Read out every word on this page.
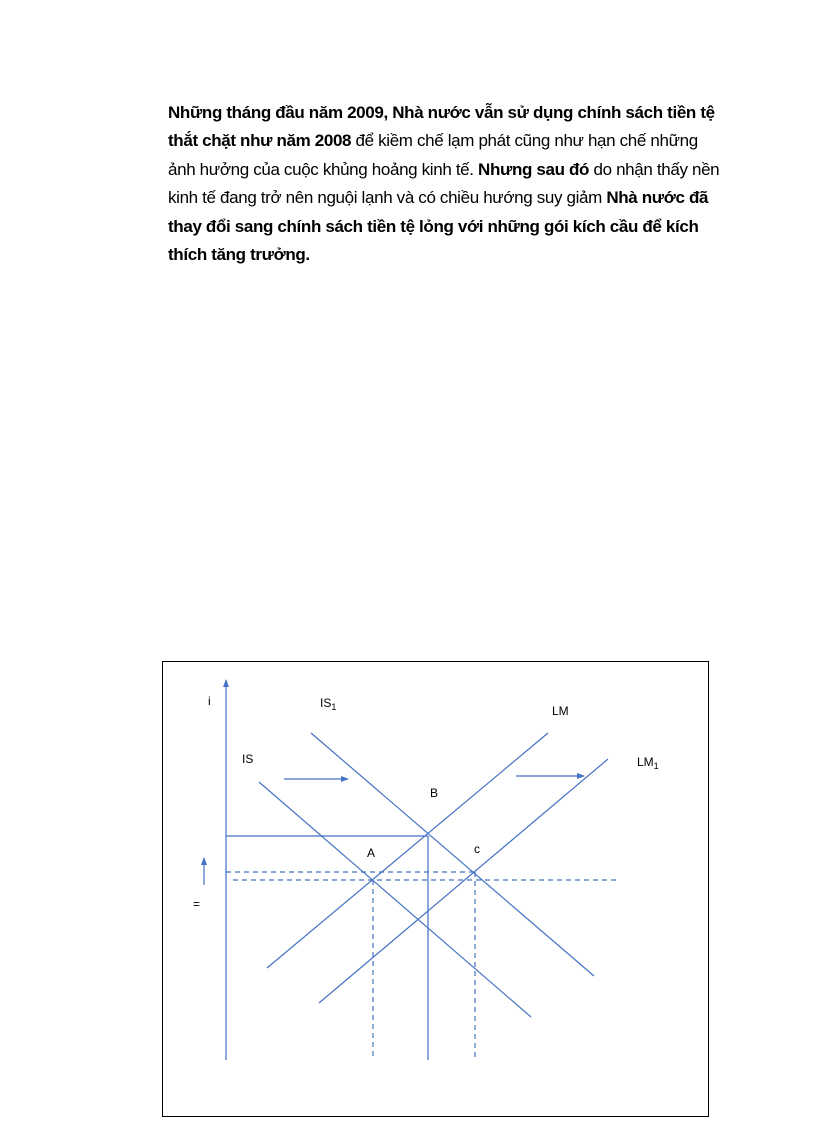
Những tháng đầu năm 2009, Nhà nước vẫn sử dụng chính sách tiền tệ thắt chặt như năm 2008 để kiềm chế lạm phát cũng như hạn chế những ảnh hưởng của cuộc khủng hoảng kinh tế. Nhưng sau đó do nhận thấy nền kinh tế đang trở nên nguội lạnh và có chiều hướng suy giảm Nhà nước đã thay đổi sang chính sách tiền tệ lỏng với những gói kích cầu để kích thích tăng trưởng.

i	$IS_1$
IS
LM
$LM_1$
B
A	c
=
